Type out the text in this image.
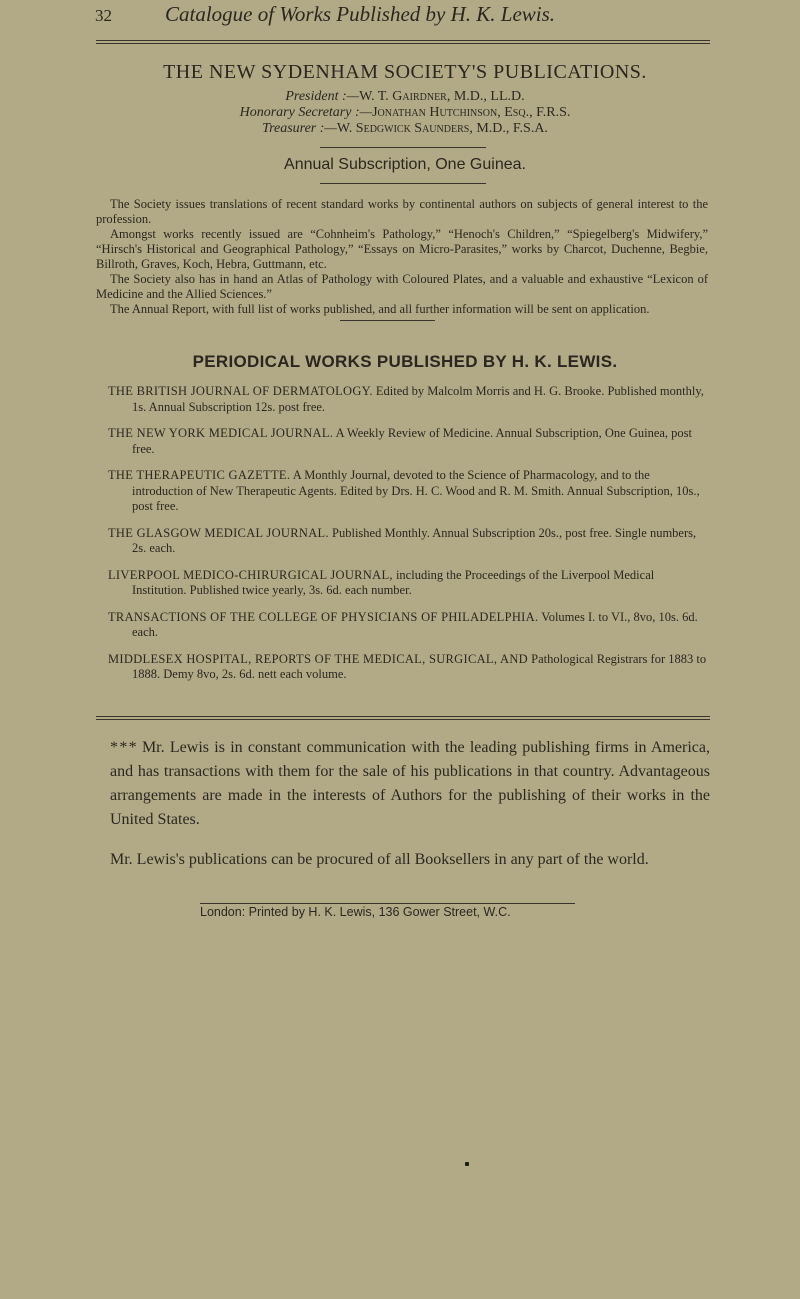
32	Catalogue of Works Published by H. K. Lewis.
THE NEW SYDENHAM SOCIETY'S PUBLICATIONS.
President :—W. T. Gairdner, M.D., LL.D.
Honorary Secretary :—Jonathan Hutchinson, Esq., F.R.S.
Treasurer :—W. Sedgwick Saunders, M.D., F.S.A.
Annual Subscription, One Guinea.

The Society issues translations of recent standard works by continental authors on subjects of general interest to the profession.

Amongst works recently issued are “Cohnheim's Pathology,” “Henoch's Children,” “Spiegelberg's Midwifery,” “Hirsch's Historical and Geographical Pathology,” “Essays on Micro-Parasites,” works by Charcot, Duchenne, Begbie, Billroth, Graves, Koch, Hebra, Guttmann, etc.

The Society also has in hand an Atlas of Pathology with Coloured Plates, and a valuable and exhaustive “Lexicon of Medicine and the Allied Sciences.”

The Annual Report, with full list of works published, and all further information will be sent on application.

PERIODICAL WORKS PUBLISHED BY H. K. LEWIS.

THE BRITISH JOURNAL OF DERMATOLOGY. Edited by Malcolm Morris and H. G. Brooke. Published monthly, 1s. Annual Subscription 12s. post free.

THE NEW YORK MEDICAL JOURNAL. A Weekly Review of Medicine. Annual Subscription, One Guinea, post free.

THE THERAPEUTIC GAZETTE. A Monthly Journal, devoted to the Science of Pharmacology, and to the introduction of New Therapeutic Agents. Edited by Drs. H. C. Wood and R. M. Smith. Annual Subscription, 10s., post free.

THE GLASGOW MEDICAL JOURNAL. Published Monthly. Annual Subscription 20s., post free. Single numbers, 2s. each.

LIVERPOOL MEDICO-CHIRURGICAL JOURNAL, including the Proceedings of the Liverpool Medical Institution. Published twice yearly, 3s. 6d. each number.

TRANSACTIONS OF THE COLLEGE OF PHYSICIANS OF PHILADELPHIA. Volumes I. to VI., 8vo, 10s. 6d. each.

MIDDLESEX HOSPITAL, REPORTS OF THE MEDICAL, SURGICAL, AND Pathological Registrars for 1883 to 1888. Demy 8vo, 2s. 6d. nett each volume.

* * * Mr. Lewis is in constant communication with the leading publishing firms in America, and has transactions with them for the sale of his publications in that country. Advantageous arrangements are made in the interests of Authors for the publishing of their works in the United States.

Mr. Lewis's publications can be procured of all Booksellers in any part of the world.

London: Printed by H. K. Lewis, 136 Gower Street, W.C.
